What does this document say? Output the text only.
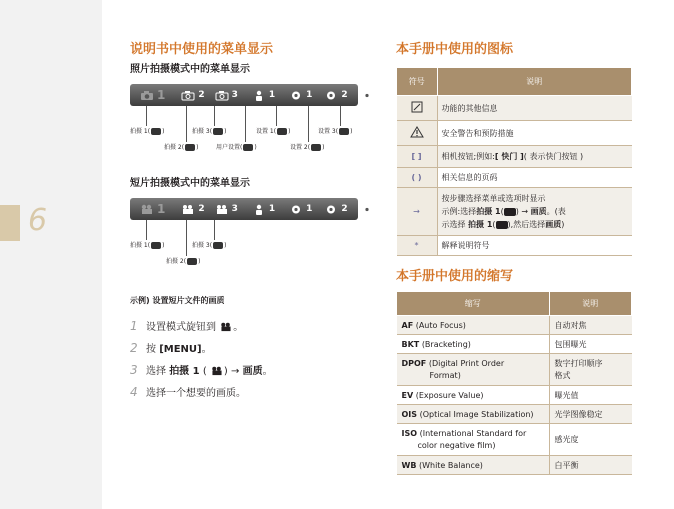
6
说明书中使用的菜单显示
照片拍摄模式中的菜单显示
1	2	3	1	1	2	3
拍摄 1( )	拍摄 3( )	设置 1( )	设置 3( )
拍摄 2( )	用户设置( )	设置 2( )
短片拍摄模式中的菜单显示
1	2	3	1	1	2	3
拍摄 1( )	拍摄 3( )
拍摄 2( )
示例) 设置短片文件的画质
1 设置模式旋钮到 。
2 按 [MENU]。
3 选择 拍摄 1 ( ) → 画质。
4 选择一个想要的画质。
本手册中使用的图标
符号	说明
	功能的其他信息
	安全警告和预防措施
[ ]	相机按钮;例如:[ 快门 ]( 表示快门按钮 )
( )	相关信息的页码
→	按步骤选择菜单或选项时显示
示例:选择拍摄 1( ) → 画质。(表
示选择 拍摄 1( ),然后选择画质)
*	解释说明符号
本手册中使用的缩写
缩写	说明
AF (Auto Focus)	自动对焦
BKT (Bracketing)	包围曝光
DPOF (Digital Print Order
Format)	数字打印顺序
格式
EV (Exposure Value)	曝光值
OIS (Optical Image Stabilization)	光学图像稳定
ISO (International Standard for
color negative film)	感光度
WB (White Balance)	白平衡
